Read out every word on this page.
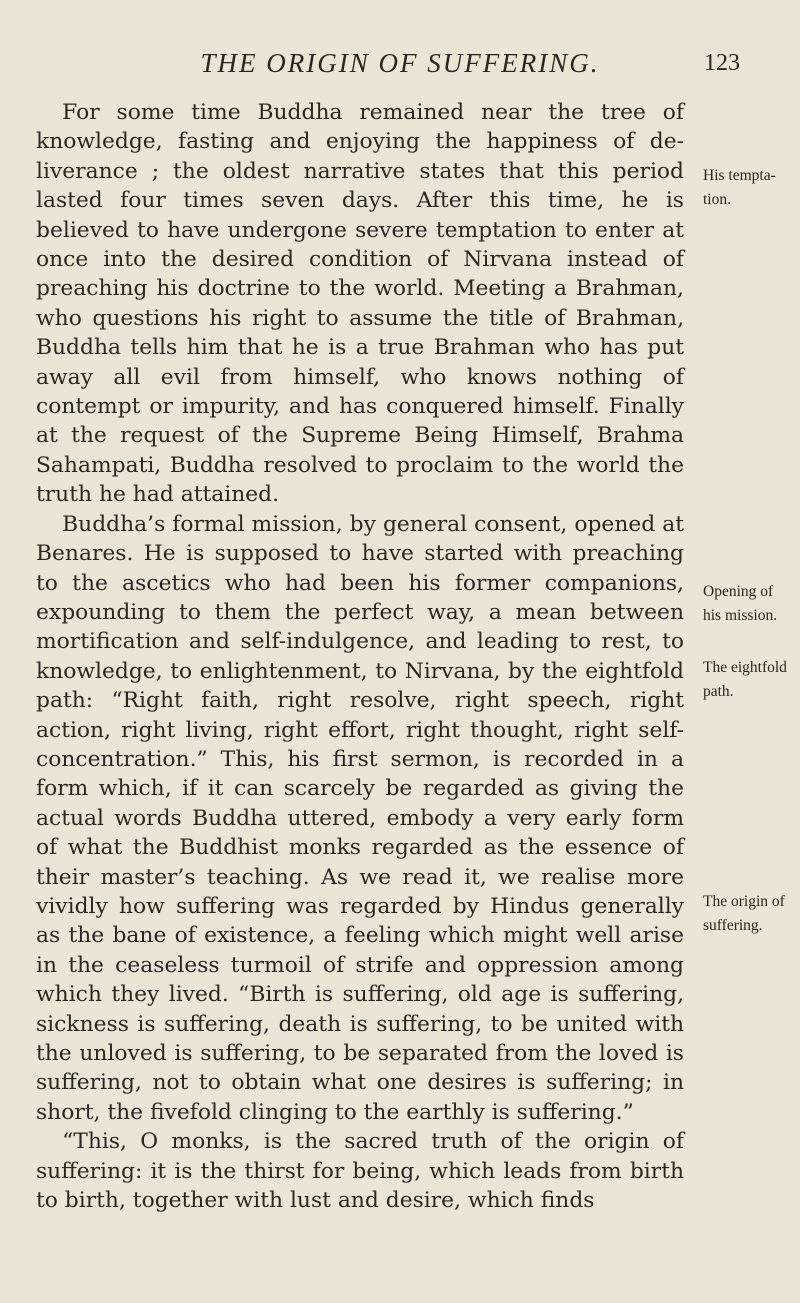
THE ORIGIN OF SUFFERING.	123

For some time Buddha remained near the tree of knowledge, fasting and enjoying the happiness of deliverance ; the oldest narrative states that this period lasted four times seven days. After this time, he is believed to have undergone severe temptation to enter at once into the desired condition of Nirvana instead of preaching his doctrine to the world. Meeting a Brahman, who questions his right to assume the title of Brahman, Buddha tells him that he is a true Brahman who has put away all evil from himself, who knows nothing of contempt or impurity, and has conquered himself. Finally at the request of the Supreme Being Himself, Brahma Sahampati, Buddha resolved to proclaim to the world the truth he had attained.

Buddha’s formal mission, by general consent, opened at Benares. He is supposed to have started with preaching to the ascetics who had been his former companions, expounding to them the perfect way, a mean between mortification and self-indulgence, and leading to rest, to knowledge, to enlightenment, to Nirvana, by the eightfold path: “Right faith, right resolve, right speech, right action, right living, right effort, right thought, right self-concentration.” This, his first sermon, is recorded in a form which, if it can scarcely be regarded as giving the actual words Buddha uttered, embody a very early form of what the Buddhist monks regarded as the essence of their master’s teaching. As we read it, we realise more vividly how suffering was regarded by Hindus generally as the bane of existence, a feeling which might well arise in the ceaseless turmoil of strife and oppression among which they lived. “Birth is suffering, old age is suffering, sickness is suffering, death is suffering, to be united with the unloved is suffering, to be separated from the loved is suffering, not to obtain what one desires is suffering; in short, the fivefold clinging to the earthly is suffering.”

“This, O monks, is the sacred truth of the origin of suffering: it is the thirst for being, which leads from birth to birth, together with lust and desire, which finds

His tempta-
tion.
Opening of
his mission.
The eightfold
path.
The origin of
suffering.
